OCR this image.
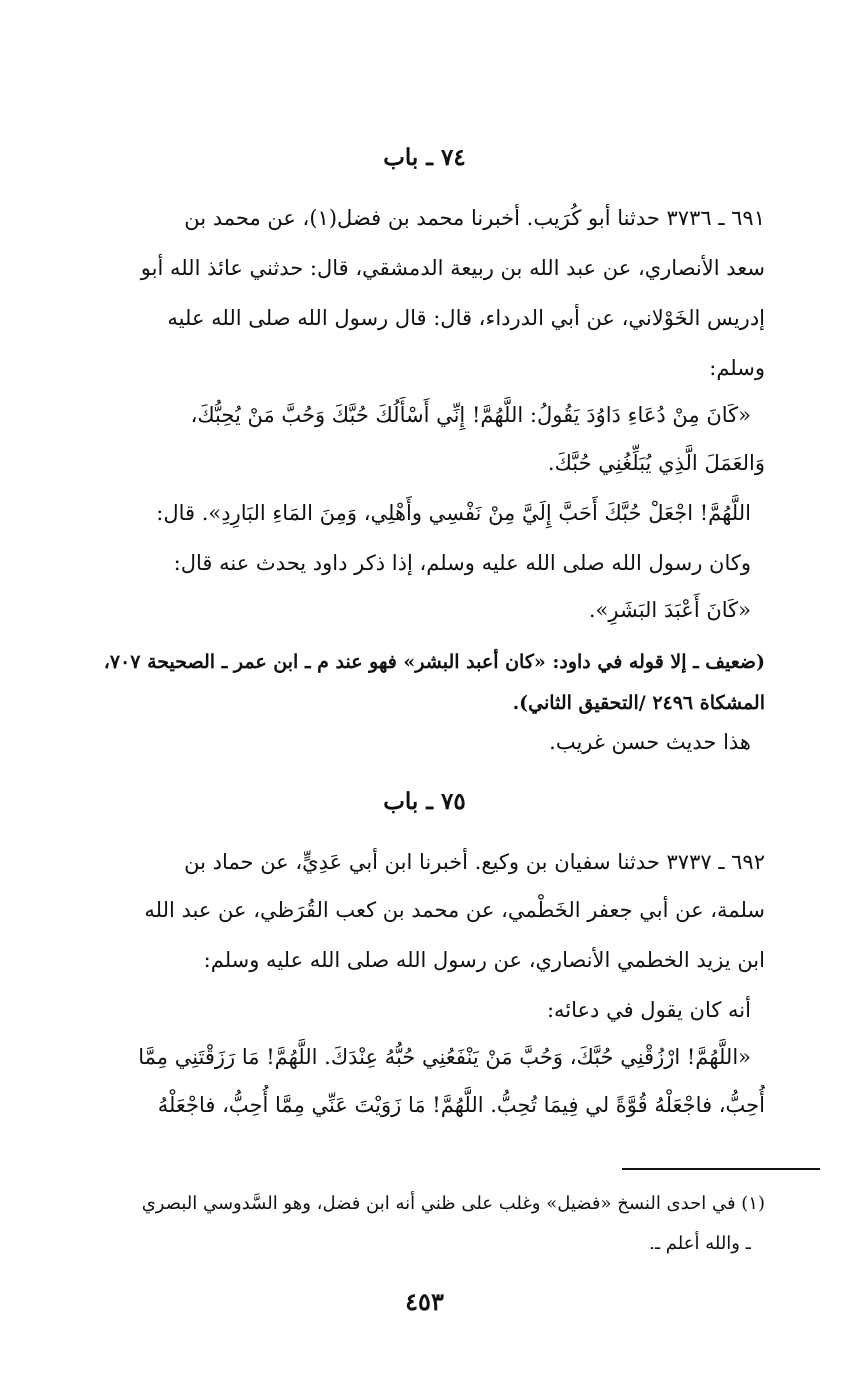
٧٤ ـ باب
٦٩١ ـ ٣٧٣٦ حدثنا أبو كُرَيب. أخبرنا محمد بن فضل(١)، عن محمد بن
سعد الأنصاري، عن عبد الله بن ربيعة الدمشقي، قال: حدثني عائذ الله أبو
إدريس الخَوْلاني، عن أبي الدرداء، قال: قال رسول الله صلى الله عليه
وسلم:
«كَانَ مِنْ دُعَاءِ دَاوُدَ يَقُولُ: اللَّهُمَّ! إِنِّي أَسْأَلُكَ حُبَّكَ وَحُبَّ مَنْ يُحِبُّكَ،
وَالعَمَلَ الَّذِي يُبَلِّغُنِي حُبَّكَ.
اللَّهُمَّ! اجْعَلْ حُبَّكَ أَحَبَّ إِلَيَّ مِنْ نَفْسِي وأَهْلِي، وَمِنَ المَاءِ البَارِدِ». قال:
وكان رسول الله صلى الله عليه وسلم، إذا ذكر داود يحدث عنه قال:
«كَانَ أَعْبَدَ البَشَرِ».
(ضعيف ـ إلا قوله في داود: «كان أعبد البشر» فهو عند م ـ ابن عمر ـ الصحيحة ٧٠٧،
المشكاة ٢٤٩٦ /التحقيق الثاني).
هذا حديث حسن غريب.
٧٥ ـ باب
٦٩٢ ـ ٣٧٣٧ حدثنا سفيان بن وكيع. أخبرنا ابن أبي عَدِيٍّ، عن حماد بن
سلمة، عن أبي جعفر الخَطْمي، عن محمد بن كعب القُرَظي، عن عبد الله
ابن يزيد الخطمي الأنصاري، عن رسول الله صلى الله عليه وسلم:
أنه كان يقول في دعائه:
«اللَّهُمَّ! ارْزُقْنِي حُبَّكَ، وَحُبَّ مَنْ يَنْفَعُنِي حُبُّهُ عِنْدَكَ. اللَّهُمَّ! مَا رَزَقْتَنِي مِمَّا
أُحِبُّ، فاجْعَلْهُ قُوَّةً لي فِيمَا تُحِبُّ. اللَّهُمَّ! مَا زَوَيْتَ عَنِّي مِمَّا أُحِبُّ، فاجْعَلْهُ
(١) في احدى النسخ «فضيل» وغلب على ظني أنه ابن فضل، وهو السَّدوسي البصري
ـ والله أعلم ـ.
٤٥٣
